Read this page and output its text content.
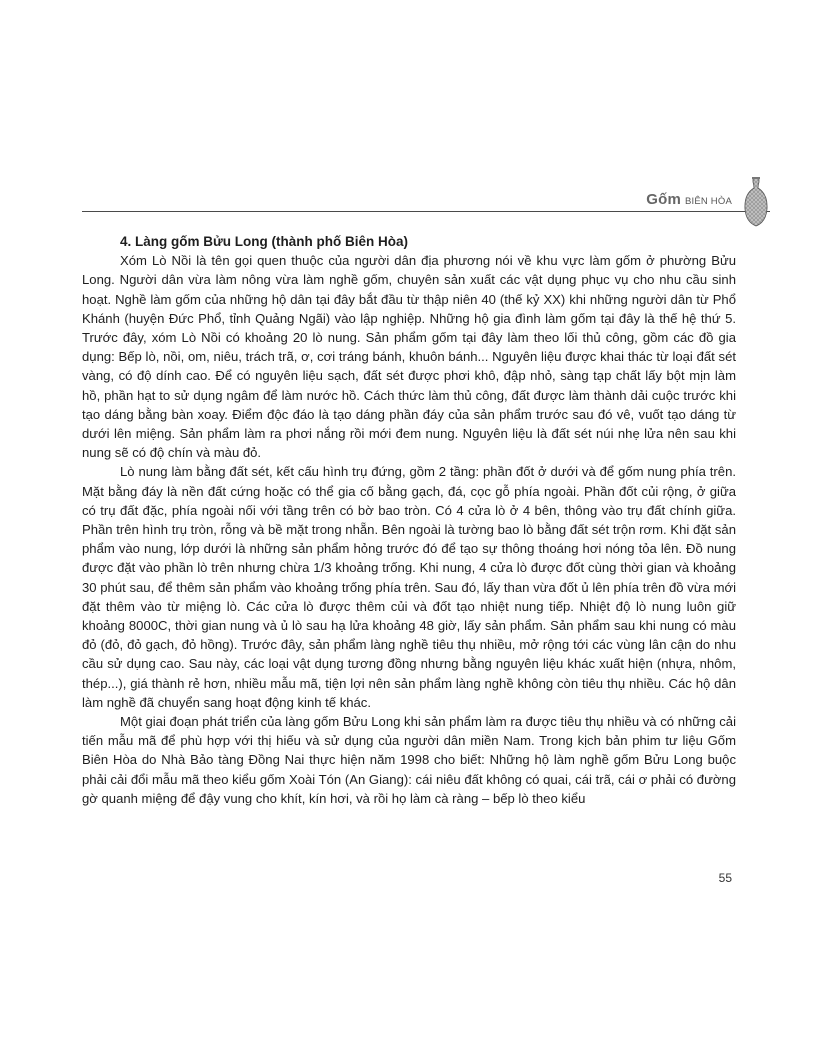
Gốm BIÊN HÒA

4. Làng gốm Bửu Long (thành phố Biên Hòa)

Xóm Lò Nồi là tên gọi quen thuộc của người dân địa phương nói về khu vực làm gốm ở phường Bửu Long. Người dân vừa làm nông vừa làm nghề gốm, chuyên sản xuất các vật dụng phục vụ cho nhu cầu sinh hoạt. Nghề làm gốm của những hộ dân tại đây bắt đầu từ thập niên 40 (thế kỷ XX) khi những người dân từ Phổ Khánh (huyện Đức Phổ, tỉnh Quảng Ngãi) vào lập nghiệp. Những hộ gia đình làm gốm tại đây là thế hệ thứ 5. Trước đây, xóm Lò Nồi có khoảng 20 lò nung. Sản phẩm gốm tại đây làm theo lối thủ công, gồm các đồ gia dụng: Bếp lò, nồi, om, niêu, trách trã, ơ, cơi tráng bánh, khuôn bánh... Nguyên liệu được khai thác từ loại đất sét vàng, có độ dính cao. Để có nguyên liệu sạch, đất sét được phơi khô, đập nhỏ, sàng tạp chất lấy bột mịn làm hồ, phần hạt to sử dụng ngâm để làm nước hồ. Cách thức làm thủ công, đất được làm thành dải cuộc trước khi tạo dáng bằng bàn xoay. Điểm độc đáo là tạo dáng phần đáy của sản phẩm trước sau đó vê, vuốt tạo dáng từ dưới lên miệng. Sản phẩm làm ra phơi nắng rồi mới đem nung. Nguyên liệu là đất sét núi nhẹ lửa nên sau khi nung sẽ có độ chín và màu đỏ.

Lò nung làm bằng đất sét, kết cấu hình trụ đứng, gồm 2 tầng: phần đốt ở dưới và để gốm nung phía trên. Mặt bằng đáy là nền đất cứng hoặc có thể gia cố bằng gạch, đá, cọc gỗ phía ngoài. Phần đốt củi rộng, ở giữa có trụ đất đặc, phía ngoài nối với tầng trên có bờ bao tròn. Có 4 cửa lò ở 4 bên, thông vào trụ đất chính giữa. Phần trên hình trụ tròn, rỗng và bề mặt trong nhẵn. Bên ngoài là tường bao lò bằng đất sét trộn rơm. Khi đặt sản phẩm vào nung, lớp dưới là những sản phẩm hỏng trước đó để tạo sự thông thoáng hơi nóng tỏa lên. Đồ nung được đặt vào phần lò trên nhưng chừa 1/3 khoảng trống. Khi nung, 4 cửa lò được đốt cùng thời gian và khoảng 30 phút sau, để thêm sản phẩm vào khoảng trống phía trên. Sau đó, lấy than vừa đốt ủ lên phía trên đồ vừa mới đặt thêm vào từ miệng lò. Các cửa lò được thêm củi và đốt tạo nhiệt nung tiếp. Nhiệt độ lò nung luôn giữ khoảng 8000C, thời gian nung và ủ lò sau hạ lửa khoảng 48 giờ, lấy sản phẩm. Sản phẩm sau khi nung có màu đỏ (đỏ, đỏ gạch, đỏ hồng). Trước đây, sản phẩm làng nghề tiêu thụ nhiều, mở rộng tới các vùng lân cận do nhu cầu sử dụng cao. Sau này, các loại vật dụng tương đồng nhưng bằng nguyên liệu khác xuất hiện (nhựa, nhôm, thép...), giá thành rẻ hơn, nhiều mẫu mã, tiện lợi nên sản phẩm làng nghề không còn tiêu thụ nhiều. Các hộ dân làm nghề đã chuyển sang hoạt động kinh tế khác.

Một giai đoạn phát triển của làng gốm Bửu Long khi sản phẩm làm ra được tiêu thụ nhiều và có những cải tiến mẫu mã để phù hợp với thị hiếu và sử dụng của người dân miền Nam. Trong kịch bản phim tư liệu Gốm Biên Hòa do Nhà Bảo tàng Đồng Nai thực hiện năm 1998 cho biết: Những hộ làm nghề gốm Bửu Long buộc phải cải đổi mẫu mã theo kiểu gốm Xoài Tón (An Giang): cái niêu đất không có quai, cái trã, cái ơ phải có đường gờ quanh miệng để đậy vung cho khít, kín hơi, và rồi họ làm cà ràng – bếp lò theo kiểu

55
